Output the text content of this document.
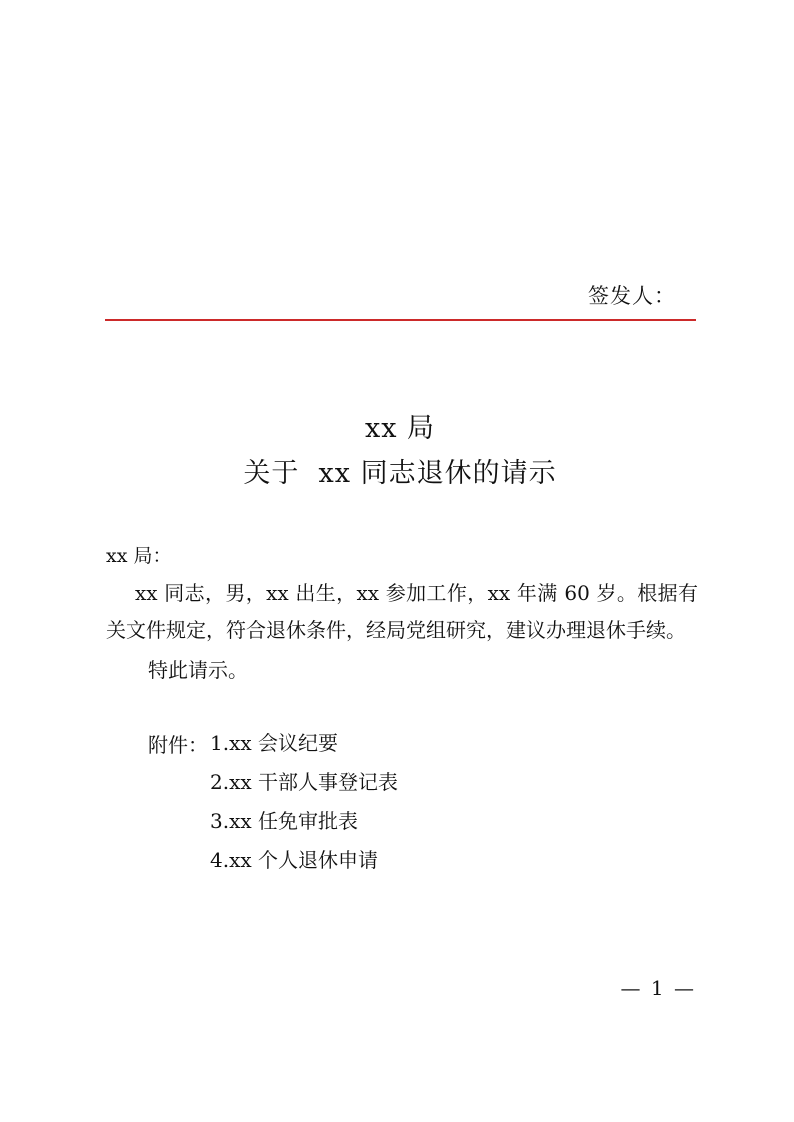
签发人：
xx 局
关于  xx 同志退休的请示
xx 局：
xx 同志，男，xx 出生，xx 参加工作，xx 年满 60 岁。根据有关文件规定，符合退休条件，经局党组研究，建议办理退休手续。
特此请示。
附件： 1.xx 会议纪要
2.xx 干部人事登记表
3.xx 任免审批表
4.xx 个人退休申请
— 1 —
